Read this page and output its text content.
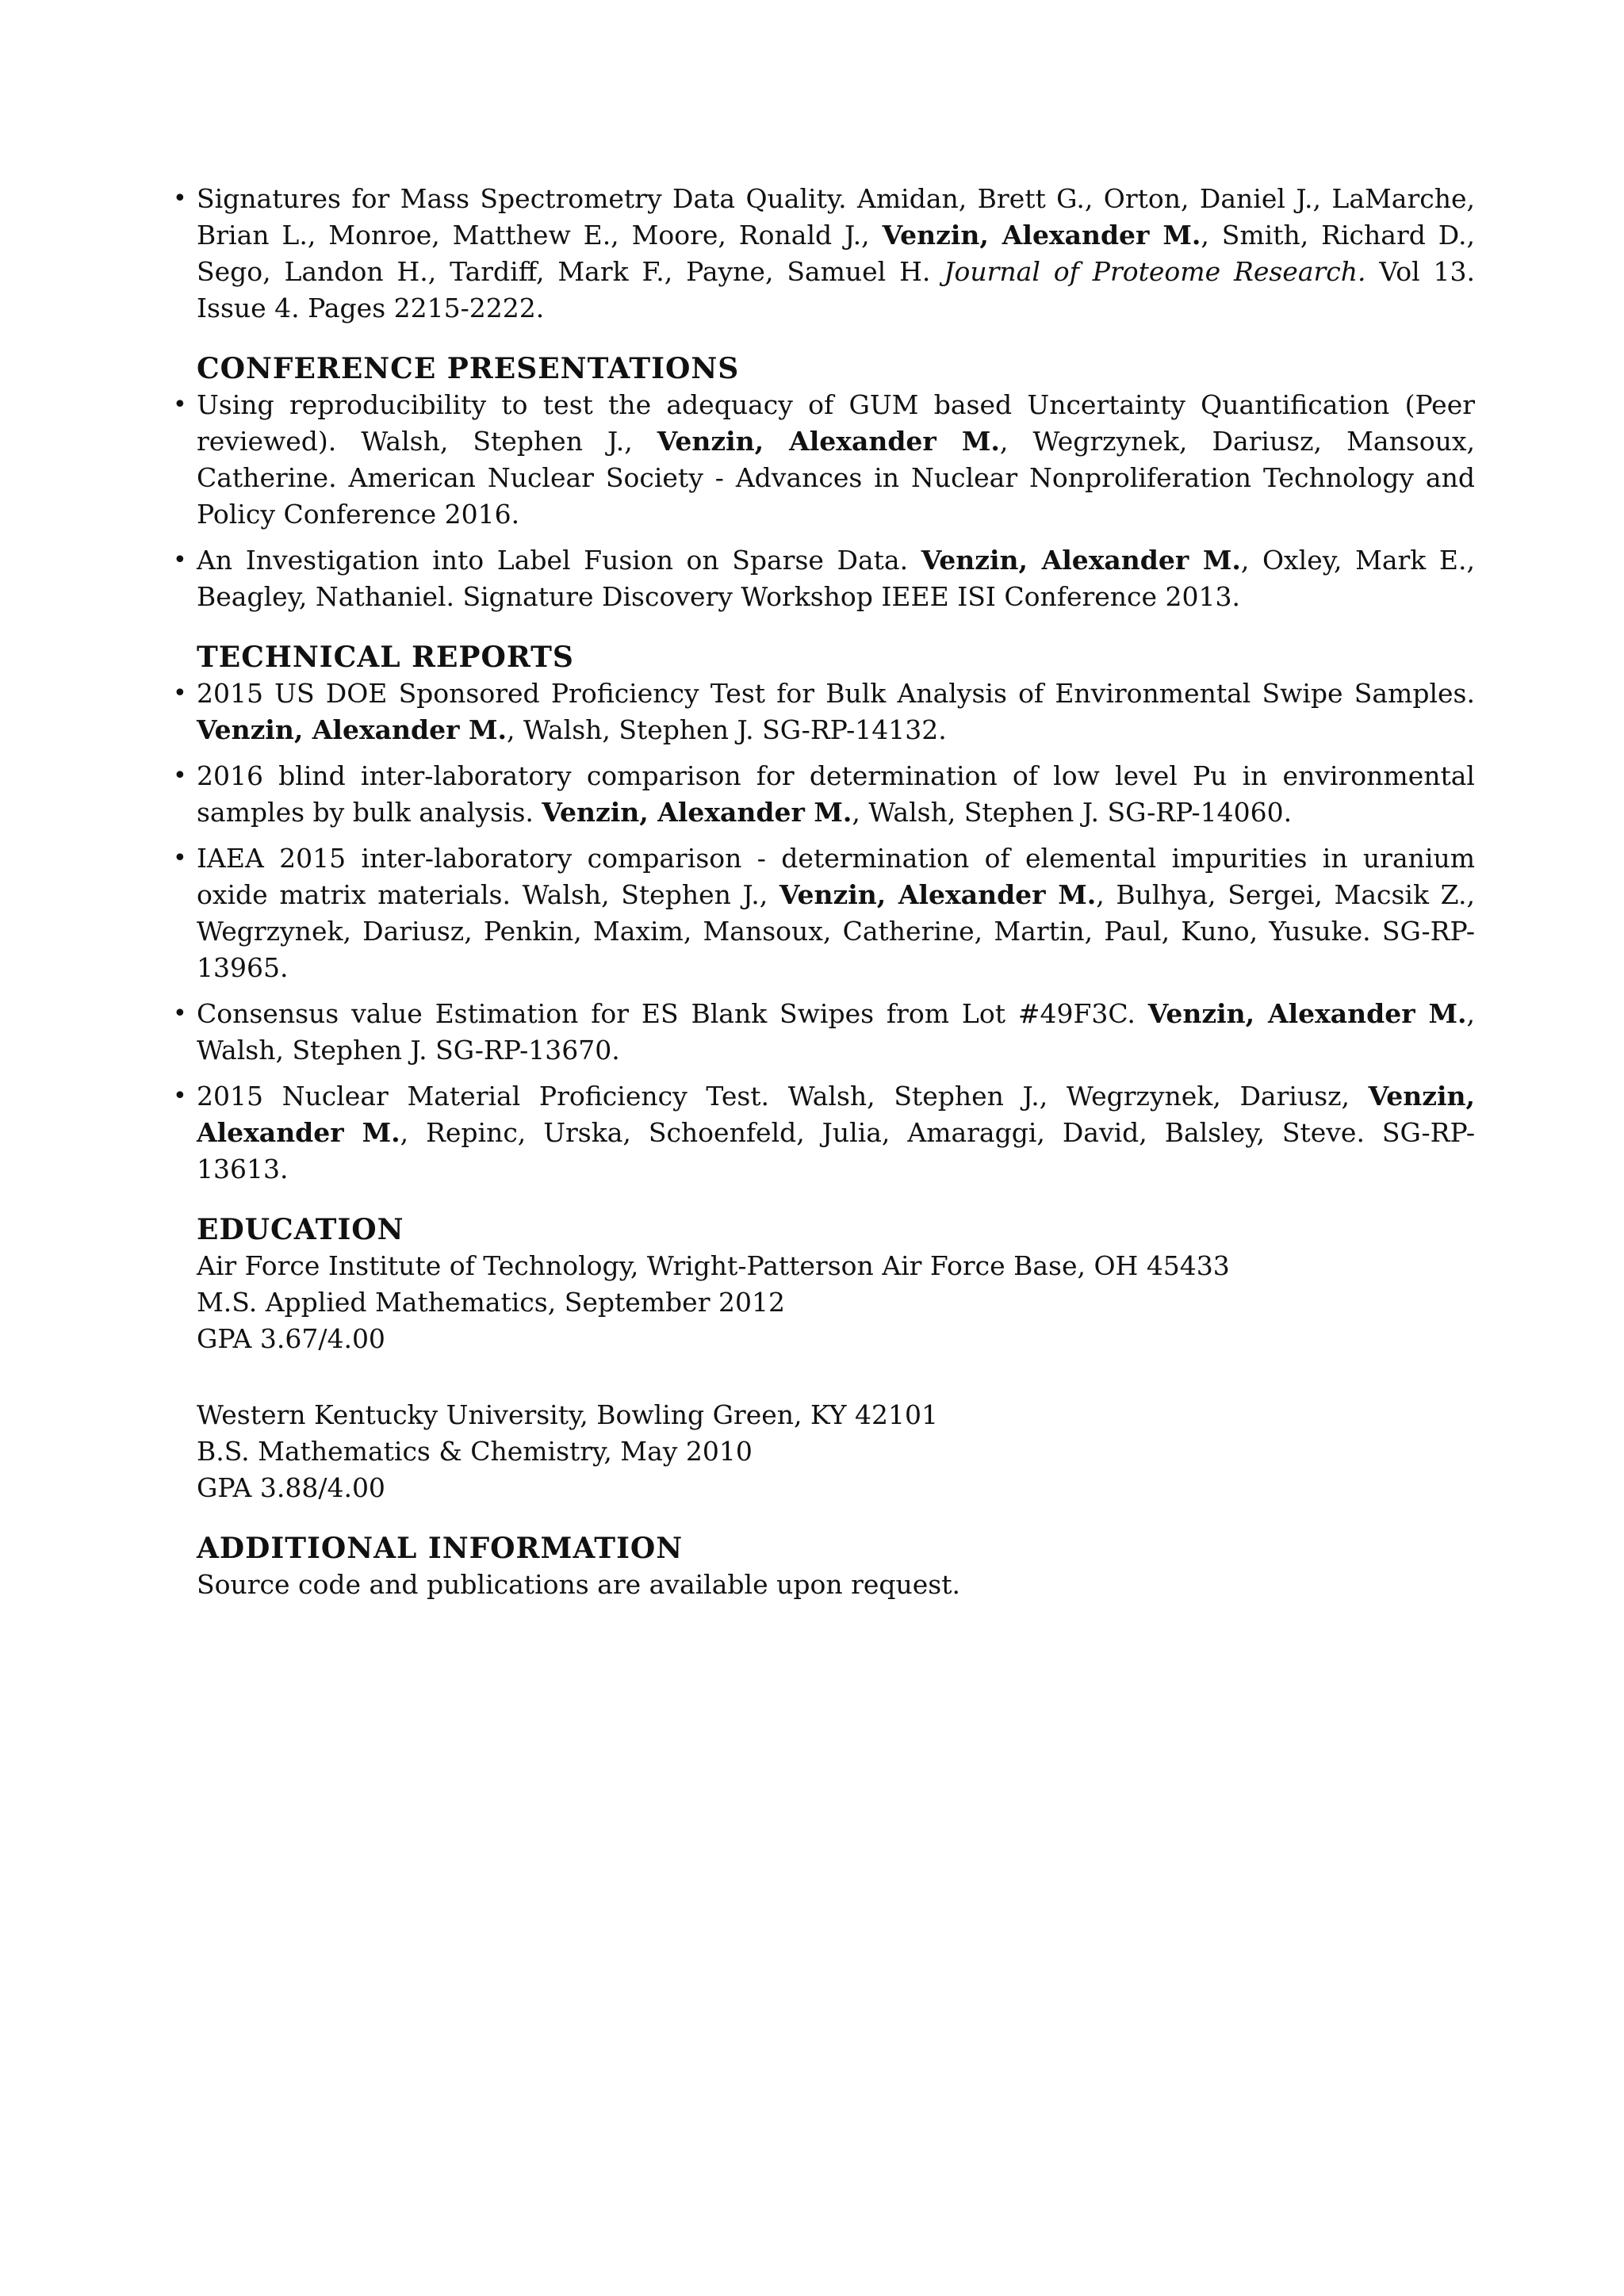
•
Signatures for Mass Spectrometry Data Quality. Amidan, Brett G., Orton, Daniel J., LaMarche, Brian L., Monroe, Matthew E., Moore, Ronald J., Venzin, Alexander M., Smith, Richard D., Sego, Landon H., Tardiff, Mark F., Payne, Samuel H. Journal of Proteome Research. Vol 13. Issue 4. Pages 2215-2222.
CONFERENCE PRESENTATIONS
•
Using reproducibility to test the adequacy of GUM based Uncertainty Quantification (Peer reviewed). Walsh, Stephen J., Venzin, Alexander M., Wegrzynek, Dariusz, Mansoux, Catherine. American Nuclear Society - Advances in Nuclear Nonproliferation Technology and Policy Conference 2016.
•
An Investigation into Label Fusion on Sparse Data. Venzin, Alexander M., Oxley, Mark E., Beagley, Nathaniel. Signature Discovery Workshop IEEE ISI Conference 2013.
TECHNICAL REPORTS
•
2015 US DOE Sponsored Proficiency Test for Bulk Analysis of Environmental Swipe Samples. Venzin, Alexander M., Walsh, Stephen J. SG-RP-14132.
•
2016 blind inter-laboratory comparison for determination of low level Pu in environmental samples by bulk analysis. Venzin, Alexander M., Walsh, Stephen J. SG-RP-14060.
•
IAEA 2015 inter-laboratory comparison - determination of elemental impurities in uranium oxide matrix materials. Walsh, Stephen J., Venzin, Alexander M., Bulhya, Sergei, Macsik Z., Wegrzynek, Dariusz, Penkin, Maxim, Mansoux, Catherine, Martin, Paul, Kuno, Yusuke. SG-RP-13965.
•
Consensus value Estimation for ES Blank Swipes from Lot #49F3C. Venzin, Alexander M., Walsh, Stephen J. SG-RP-13670.
•
2015 Nuclear Material Proficiency Test. Walsh, Stephen J., Wegrzynek, Dariusz, Venzin, Alexander M., Repinc, Urska, Schoenfeld, Julia, Amaraggi, David, Balsley, Steve. SG-RP-13613.
EDUCATION
Air Force Institute of Technology, Wright-Patterson Air Force Base, OH 45433
M.S. Applied Mathematics, September 2012
GPA 3.67/4.00
Western Kentucky University, Bowling Green, KY 42101
B.S. Mathematics & Chemistry, May 2010
GPA 3.88/4.00
ADDITIONAL INFORMATION
Source code and publications are available upon request.
